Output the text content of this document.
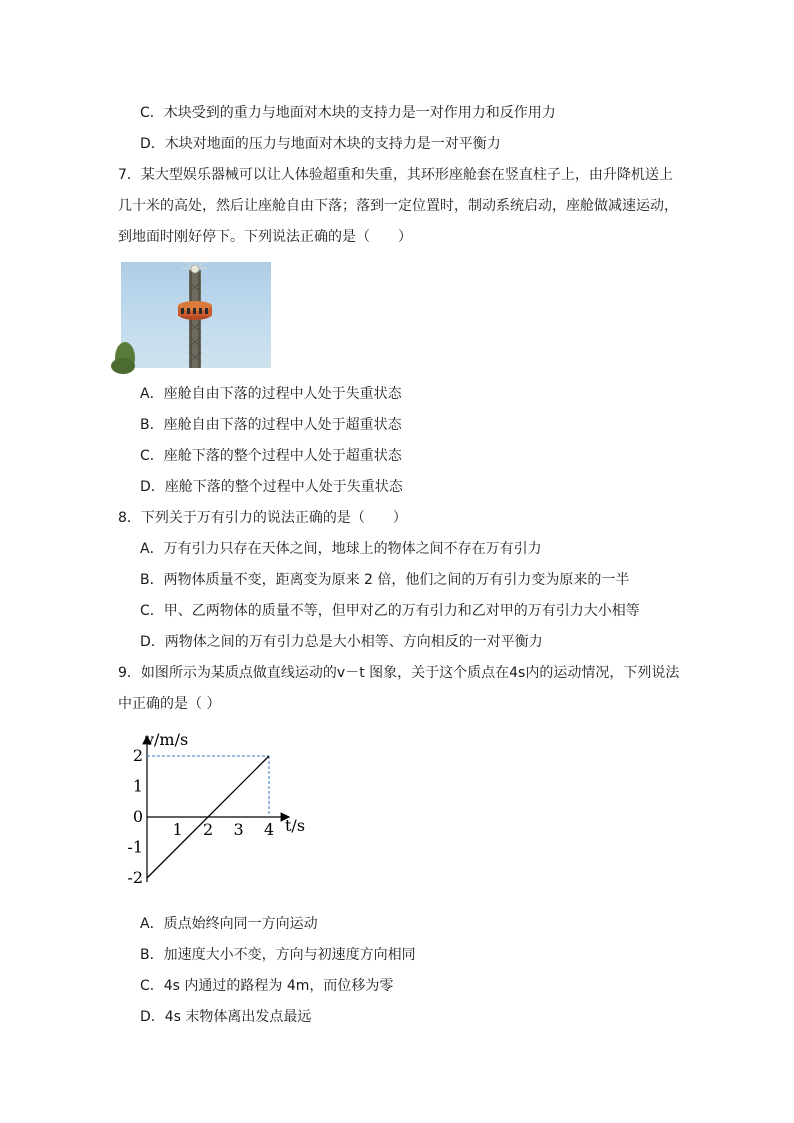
C．木块受到的重力与地面对木块的支持力是一对作用力和反作用力
D．木块对地面的压力与地面对木块的支持力是一对平衡力
7．某大型娱乐器械可以让人体验超重和失重，其环形座舱套在竖直柱子上，由升降机送上
几十米的高处，然后让座舱自由下落；落到一定位置时，制动系统启动，座舱做减速运动，
到地面时刚好停下。下列说法正确的是（　　）
A．座舱自由下落的过程中人处于失重状态
B．座舱自由下落的过程中人处于超重状态
C．座舱下落的整个过程中人处于超重状态
D．座舱下落的整个过程中人处于失重状态
8．下列关于万有引力的说法正确的是（　　）
A．万有引力只存在天体之间，地球上的物体之间不存在万有引力
B．两物体质量不变，距离变为原来 2 倍，他们之间的万有引力变为原来的一半
C．甲、乙两物体的质量不等，但甲对乙的万有引力和乙对甲的万有引力大小相等
D．两物体之间的万有引力总是大小相等、方向相反的一对平衡力
9．如图所示为某质点做直线运动的v－t 图象，关于这个质点在4s内的运动情况，下列说法
中正确的是（ ）
v/m/s
t/s
1 2 3 4
2
1
0
-1
-2
A．质点始终向同一方向运动
B．加速度大小不变，方向与初速度方向相同
C．4s 内通过的路程为 4m，而位移为零
D．4s 末物体离出发点最远
